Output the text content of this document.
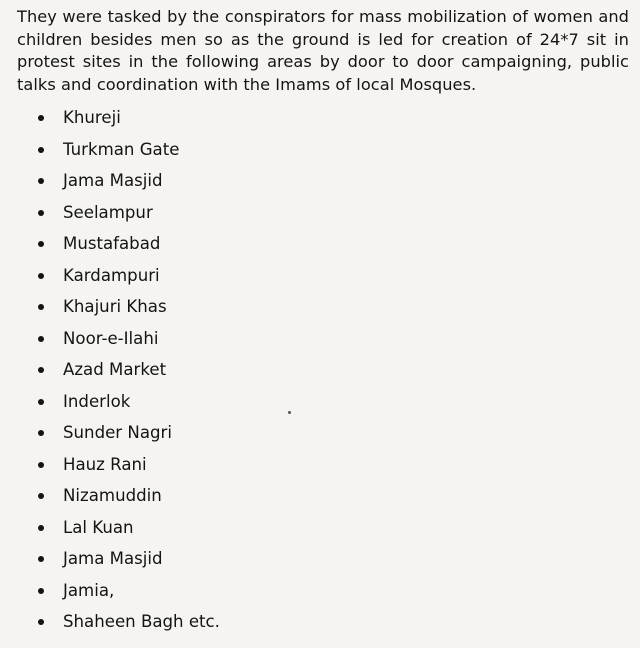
They were tasked by the conspirators for mass mobilization of women and children besides men so as the ground is led for creation of 24*7 sit in protest sites in the following areas by door to door campaigning, public talks and coordination with the Imams of local Mosques.

Khureji
Turkman Gate
Jama Masjid
Seelampur
Mustafabad
Kardampuri
Khajuri Khas
Noor-e-Ilahi
Azad Market
Inderlok
Sunder Nagri
Hauz Rani
Nizamuddin
Lal Kuan
Jama Masjid
Jamia,
Shaheen Bagh etc.
